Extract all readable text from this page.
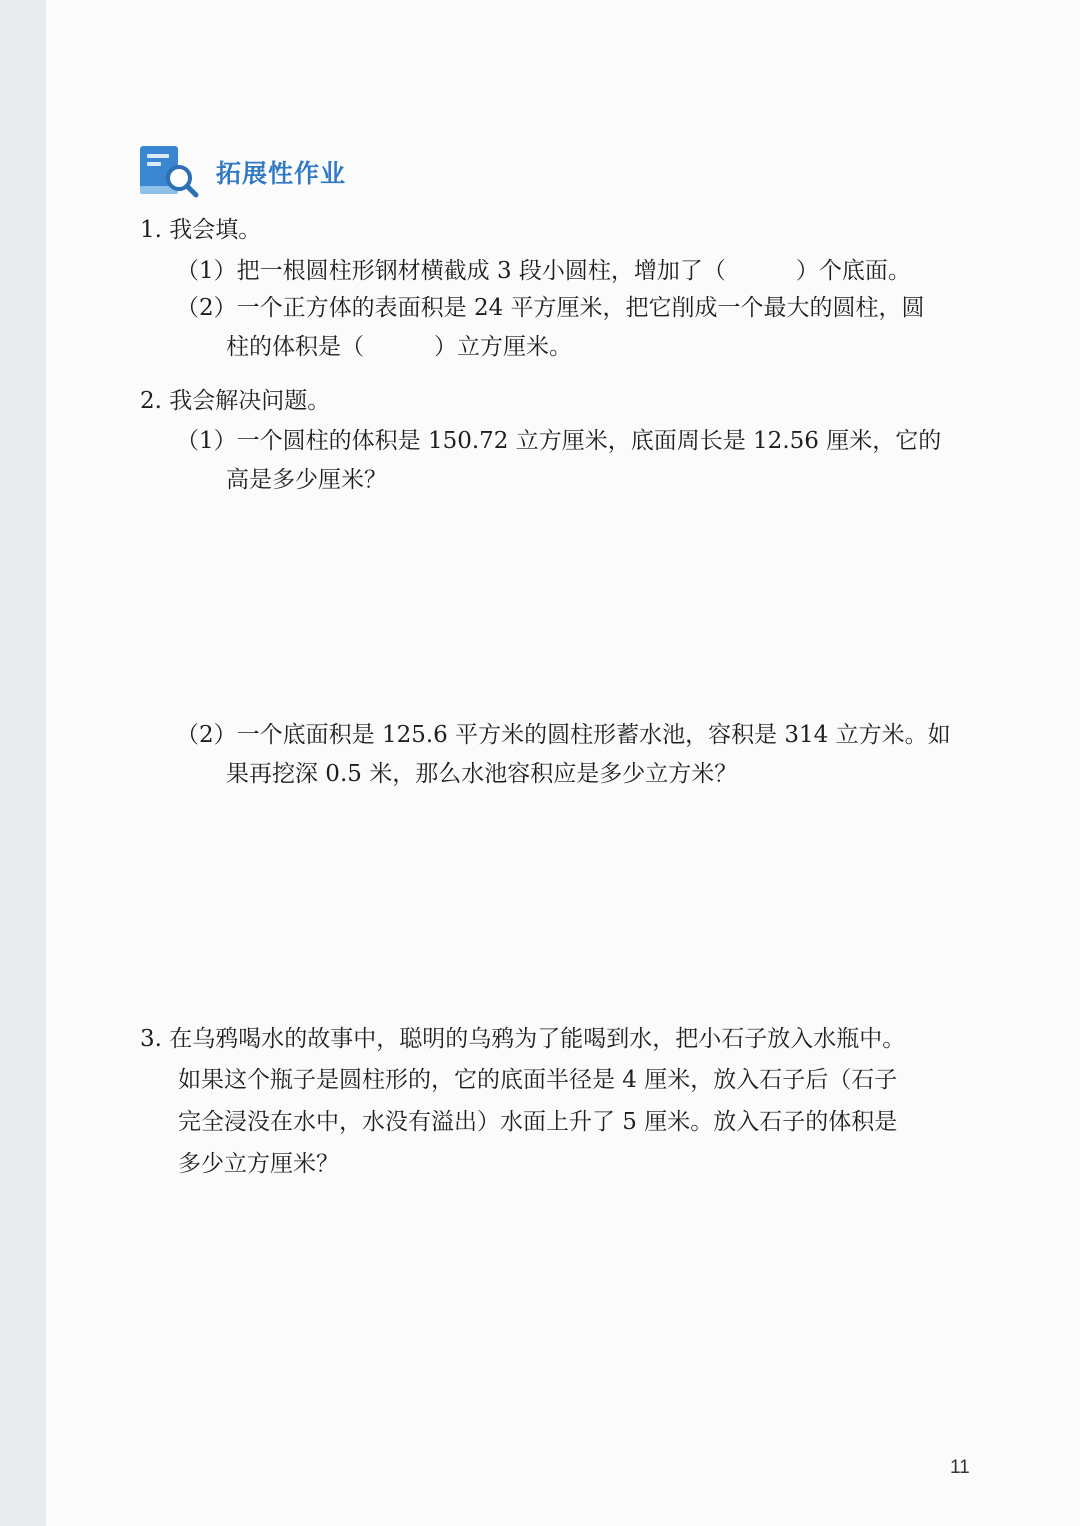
拓展性作业
1. 我会填。
（1）把一根圆柱形钢材横截成 3 段小圆柱，增加了（	）个底面。
（2）一个正方体的表面积是 24 平方厘米，把它削成一个最大的圆柱，圆
柱的体积是（	）立方厘米。
2. 我会解决问题。
（1）一个圆柱的体积是 150.72 立方厘米，底面周长是 12.56 厘米，它的
高是多少厘米？
（2）一个底面积是 125.6 平方米的圆柱形蓄水池，容积是 314 立方米。如
果再挖深 0.5 米，那么水池容积应是多少立方米？
3. 在乌鸦喝水的故事中，聪明的乌鸦为了能喝到水，把小石子放入水瓶中。
如果这个瓶子是圆柱形的，它的底面半径是 4 厘米，放入石子后（石子
完全浸没在水中，水没有溢出）水面上升了 5 厘米。放入石子的体积是
多少立方厘米？
11
